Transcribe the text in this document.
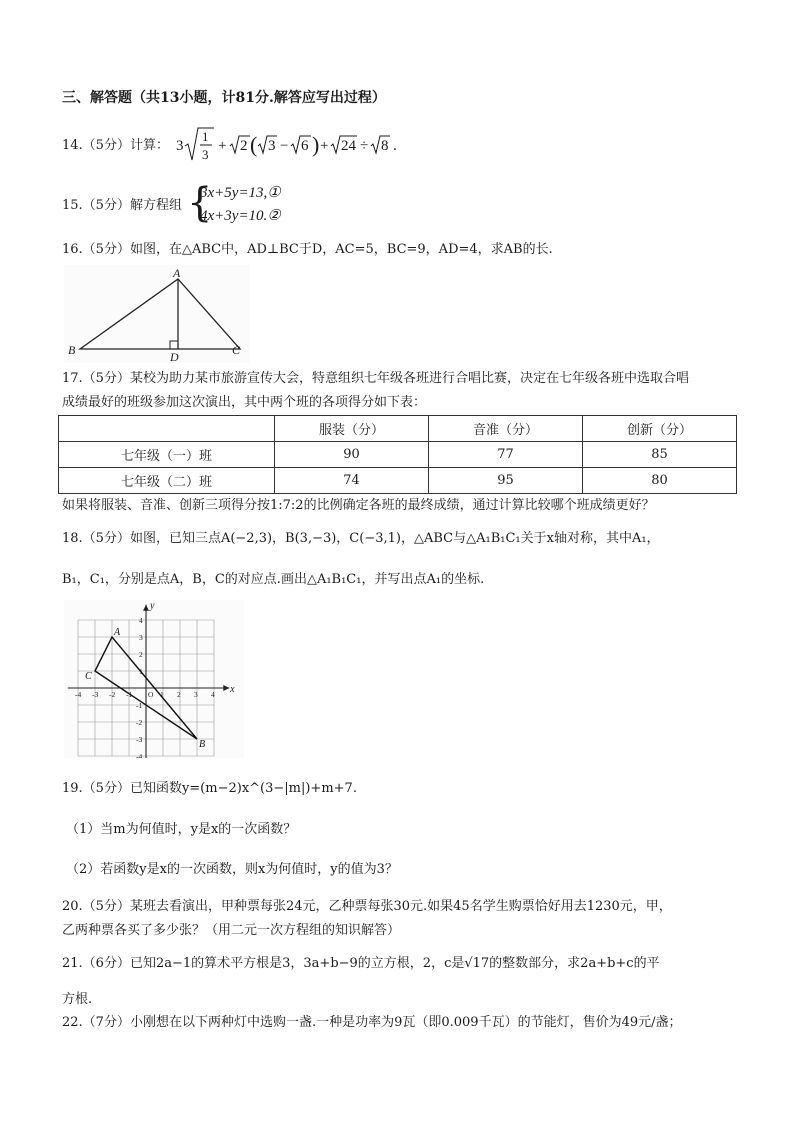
三、解答题（共13小题，计81分.解答应写出过程）
14.（5分）计算： 3
1
3
+ 2 ( 3 − 6 ) + 24 ÷ 8 .
15.（5分）解方程组 {
3x+5y=13,①
4x+3y=10.②
16.（5分）如图，在△ABC中，AD⊥BC于D，AC=5，BC=9，AD=4，求AB的长.
A
B	C
D
17.（5分）某校为助力某市旅游宣传大会，特意组织七年级各班进行合唱比赛，决定在七年级各班中选取合唱
成绩最好的班级参加这次演出，其中两个班的各项得分如下表：
	服装（分）	音准（分）	创新（分）
七年级（一）班	90	77	85
七年级（二）班	74	95	80
如果将服装、音准、创新三项得分按1:7:2的比例确定各班的最终成绩，通过计算比较哪个班成绩更好？
18.（5分）如图，已知三点A(−2,3)，B(3,−3)，C(−3,1)，△ABC与△A₁B₁C₁关于x轴对称，其中A₁，
B₁，C₁，分别是点A，B，C的对应点.画出△A₁B₁C₁，并写出点A₁的坐标.
x
y
-4 -3 -2 -1 O 1 2 3 4
4
3
2
1
-1
-2
-3
-4
A
B
C
19.（5分）已知函数y=(m−2)x^(3−|m|)+m+7.
（1）当m为何值时，y是x的一次函数？
（2）若函数y是x的一次函数，则x为何值时，y的值为3？
20.（5分）某班去看演出，甲种票每张24元，乙种票每张30元.如果45名学生购票恰好用去1230元，甲，
乙两种票各买了多少张？（用二元一次方程组的知识解答）
21.（6分）已知2a−1的算术平方根是3，3a+b−9的立方根，2，c是√17的整数部分，求2a+b+c的平
方根.
22.（7分）小刚想在以下两种灯中选购一盏.一种是功率为9瓦（即0.009千瓦）的节能灯，售价为49元/盏；
